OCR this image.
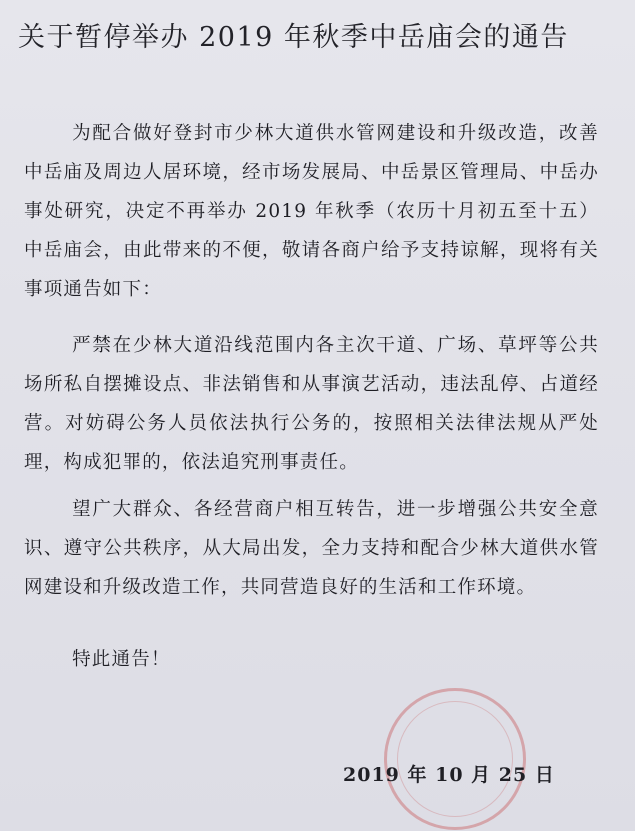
关于暂停举办 2019 年秋季中岳庙会的通告

为配合做好登封市少林大道供水管网建设和升级改造，改善中岳庙及周边人居环境，经市场发展局、中岳景区管理局、中岳办事处研究，决定不再举办 2019 年秋季（农历十月初五至十五）中岳庙会，由此带来的不便，敬请各商户给予支持谅解，现将有关事项通告如下：

严禁在少林大道沿线范围内各主次干道、广场、草坪等公共场所私自摆摊设点、非法销售和从事演艺活动，违法乱停、占道经营。对妨碍公务人员依法执行公务的，按照相关法律法规从严处理，构成犯罪的，依法追究刑事责任。

望广大群众、各经营商户相互转告，进一步增强公共安全意识、遵守公共秩序，从大局出发，全力支持和配合少林大道供水管网建设和升级改造工作，共同营造良好的生活和工作环境。

特此通告！

2019 年 10 月 25 日
